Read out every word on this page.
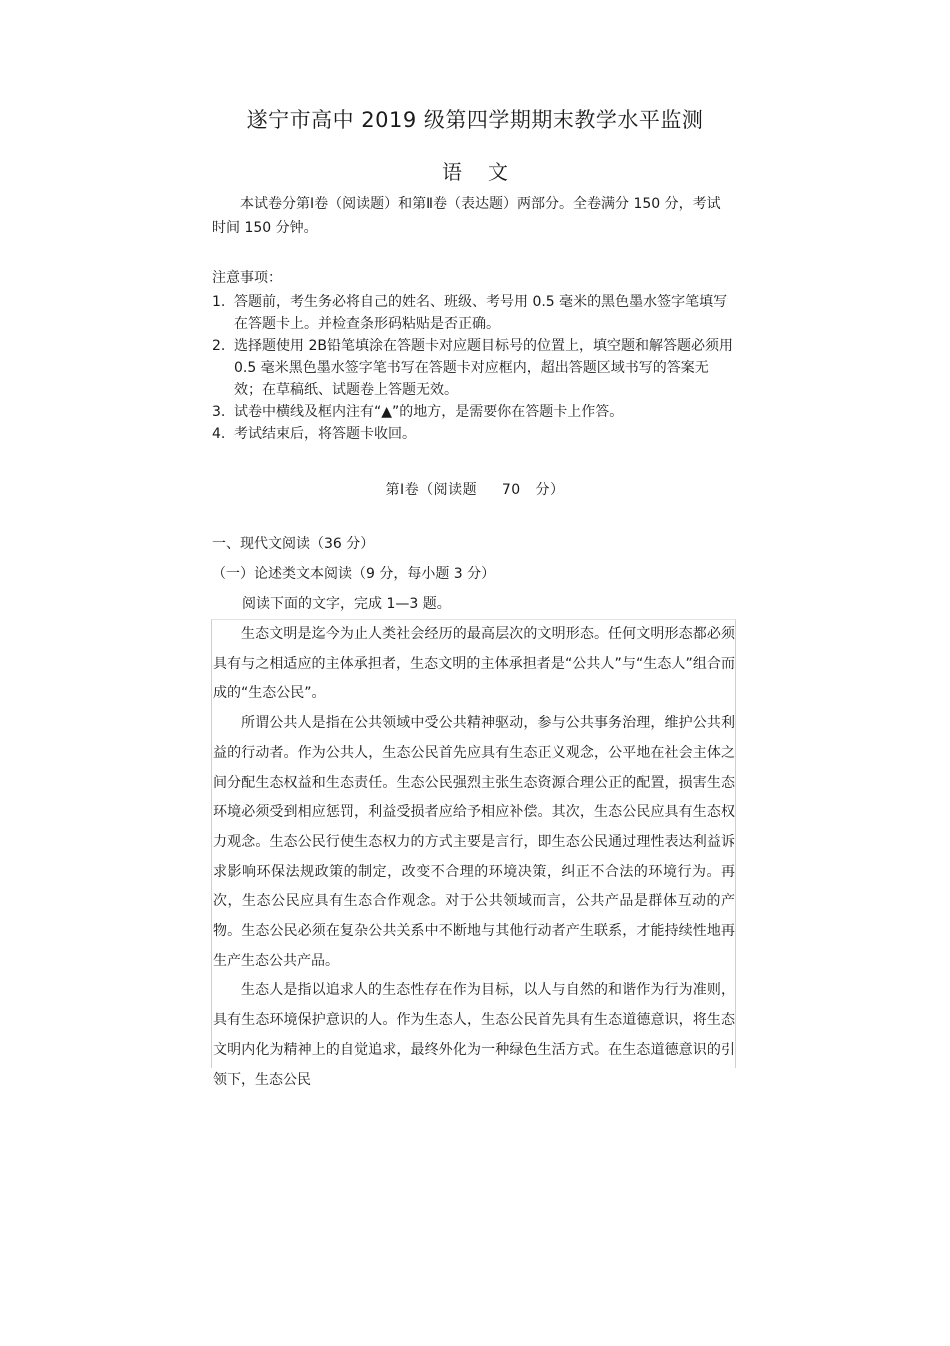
遂宁市高中 2019 级第四学期期末教学水平监测
语文
本试卷分第Ⅰ卷（阅读题）和第Ⅱ卷（表达题）两部分。全卷满分 150 分，考试时间 150 分钟。

注意事项：

1. 答题前，考生务必将自己的姓名、班级、考号用 0.5 毫米的黑色墨水签字笔填写在答题卡上。并检查条形码粘贴是否正确。
2. 选择题使用 2B铅笔填涂在答题卡对应题目标号的位置上，填空题和解答题必须用 0.5 毫米黑色墨水签字笔书写在答题卡对应框内，超出答题区域书写的答案无效；在草稿纸、试题卷上答题无效。
3. 试卷中横线及框内注有“▲”的地方，是需要你在答题卡上作答。
4. 考试结束后，将答题卡收回。
第Ⅰ卷（阅读题     70   分）
一、现代文阅读（36 分）
（一）论述类文本阅读（9 分，每小题 3 分）
阅读下面的文字，完成 1—3 题。

生态文明是迄今为止人类社会经历的最高层次的文明形态。任何文明形态都必须具有与之相适应的主体承担者，生态文明的主体承担者是“公共人”与“生态人”组合而成的“生态公民”。

所谓公共人是指在公共领域中受公共精神驱动，参与公共事务治理，维护公共利益的行动者。作为公共人，生态公民首先应具有生态正义观念，公平地在社会主体之间分配生态权益和生态责任。生态公民强烈主张生态资源合理公正的配置，损害生态环境必须受到相应惩罚，利益受损者应给予相应补偿。其次，生态公民应具有生态权力观念。生态公民行使生态权力的方式主要是言行，即生态公民通过理性表达利益诉求影响环保法规政策的制定，改变不合理的环境决策，纠正不合法的环境行为。再次，生态公民应具有生态合作观念。对于公共领域而言，公共产品是群体互动的产物。生态公民必须在复杂公共关系中不断地与其他行动者产生联系，才能持续性地再生产生态公共产品。

生态人是指以追求人的生态性存在作为目标，以人与自然的和谐作为行为准则，具有生态环境保护意识的人。作为生态人，生态公民首先具有生态道德意识，将生态文明内化为精神上的自觉追求，最终外化为一种绿色生活方式。在生态道德意识的引领下，生态公民
